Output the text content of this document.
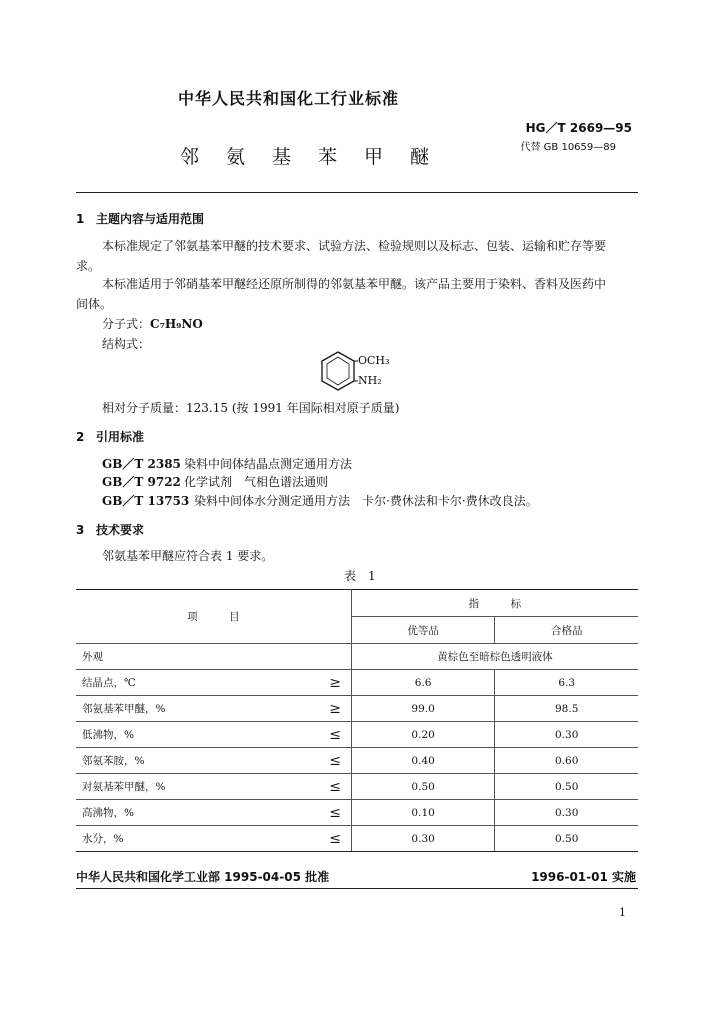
中华人民共和国化工行业标准
HG／T 2669—95
代替 GB 10659—89
邻氨基苯甲醚
1 主题内容与适用范围
本标准规定了邻氨基苯甲醚的技术要求、试验方法、检验规则以及标志、包装、运输和贮存等要
求。
本标准适用于邻硝基苯甲醚经还原所制得的邻氨基苯甲醚。该产品主要用于染料、香料及医药中
间体。
分子式：C₇H₉NO
结构式：
OCH₃
NH₂
相对分子质量：123.15 (按 1991 年国际相对原子质量)
2 引用标准
GB／T 2385 染料中间体结晶点测定通用方法
GB／T 9722 化学试剂　气相色谱法通则
GB／T 13753 染料中间体水分测定通用方法　卡尔·费休法和卡尔·费休改良法。
3 技术要求
邻氨基苯甲醚应符合表 1 要求。
表　1
项　　　目		指　　　标	
		优等品	合格品
外观		黄棕色至暗棕色透明液体	
结晶点，℃	≥	6.6	6.3
邻氨基苯甲醚，%	≥	99.0	98.5
低沸物，%	≤	0.20	0.30
邻氨苯胺，%	≤	0.40	0.60
对氨基苯甲醚，%	≤	0.50	0.50
高沸物，%	≤	0.10	0.30
水分，%	≤	0.30	0.50
中华人民共和国化学工业部 1995-04-05 批准	1996-01-01 实施
1
